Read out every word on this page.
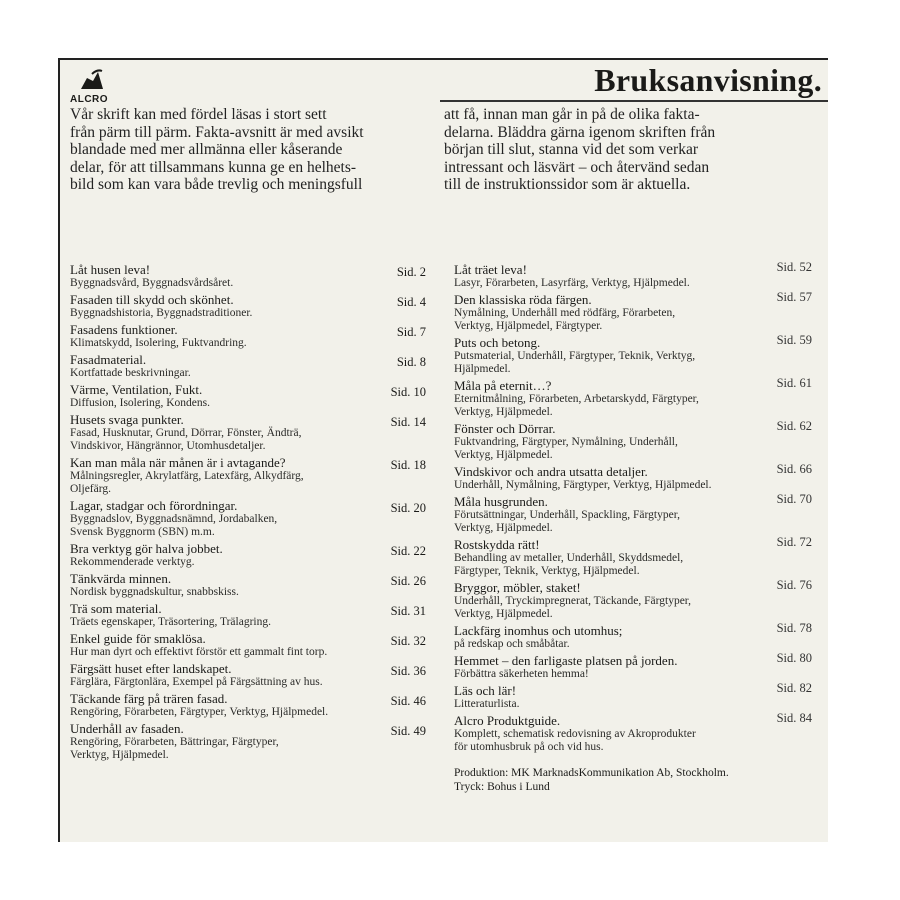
ALCRO
Bruksanvisning.
Vår skrift kan med fördel läsas i stort sett
från pärm till pärm. Fakta-avsnitt är med avsikt
blandade med mer allmänna eller kåserande
delar, för att tillsammans kunna ge en helhets-
bild som kan vara både trevlig och meningsfull
att få, innan man går in på de olika fakta-
delarna. Bläddra gärna igenom skriften från
början till slut, stanna vid det som verkar
intressant och läsvärt – och återvänd sedan
till de instruktionssidor som är aktuella.
Låt husen leva!
Byggnadsvård, Byggnadsvårdsåret.
Sid. 2
Fasaden till skydd och skönhet.
Byggnadshistoria, Byggnadstraditioner.
Sid. 4
Fasadens funktioner.
Klimatskydd, Isolering, Fuktvandring.
Sid. 7
Fasadmaterial.
Kortfattade beskrivningar.
Sid. 8
Värme, Ventilation, Fukt.
Diffusion, Isolering, Kondens.
Sid. 10
Husets svaga punkter.
Fasad, Husknutar, Grund, Dörrar, Fönster, Ändträ,
Vindskivor, Hängrännor, Utomhusdetaljer.
Sid. 14
Kan man måla när månen är i avtagande?
Målningsregler, Akrylatfärg, Latexfärg, Alkydfärg,
Oljefärg.
Sid. 18
Lagar, stadgar och förordningar.
Byggnadslov, Byggnadsnämnd, Jordabalken,
Svensk Byggnorm (SBN) m.m.
Sid. 20
Bra verktyg gör halva jobbet.
Rekommenderade verktyg.
Sid. 22
Tänkvärda minnen.
Nordisk byggnadskultur, snabbskiss.
Sid. 26
Trä som material.
Träets egenskaper, Träsortering, Trälagring.
Sid. 31
Enkel guide för smaklösa.
Hur man dyrt och effektivt förstör ett gammalt fint torp.
Sid. 32
Färgsätt huset efter landskapet.
Färglära, Färgtonlära, Exempel på Färgsättning av hus.
Sid. 36
Täckande färg på trären fasad.
Rengöring, Förarbeten, Färgtyper, Verktyg, Hjälpmedel.
Sid. 46
Underhåll av fasaden.
Rengöring, Förarbeten, Bättringar, Färgtyper,
Verktyg, Hjälpmedel.
Sid. 49
Låt träet leva!
Lasyr, Förarbeten, Lasyrfärg, Verktyg, Hjälpmedel.
Sid. 52
Den klassiska röda färgen.
Nymålning, Underhåll med rödfärg, Förarbeten,
Verktyg, Hjälpmedel, Färgtyper.
Sid. 57
Puts och betong.
Putsmaterial, Underhåll, Färgtyper, Teknik, Verktyg,
Hjälpmedel.
Sid. 59
Måla på eternit…?
Eternitmålning, Förarbeten, Arbetarskydd, Färgtyper,
Verktyg, Hjälpmedel.
Sid. 61
Fönster och Dörrar.
Fuktvandring, Färgtyper, Nymålning, Underhåll,
Verktyg, Hjälpmedel.
Sid. 62
Vindskivor och andra utsatta detaljer.
Underhåll, Nymålning, Färgtyper, Verktyg, Hjälpmedel.
Sid. 66
Måla husgrunden.
Förutsättningar, Underhåll, Spackling, Färgtyper,
Verktyg, Hjälpmedel.
Sid. 70
Rostskydda rätt!
Behandling av metaller, Underhåll, Skyddsmedel,
Färgtyper, Teknik, Verktyg, Hjälpmedel.
Sid. 72
Bryggor, möbler, staket!
Underhåll, Tryckimpregnerat, Täckande, Färgtyper,
Verktyg, Hjälpmedel.
Sid. 76
Lackfärg inomhus och utomhus;
på redskap och småbåtar.
Sid. 78
Hemmet – den farligaste platsen på jorden.
Förbättra säkerheten hemma!
Sid. 80
Läs och lär!
Litteraturlista.
Sid. 82
Alcro Produktguide.
Komplett, schematisk redovisning av Akroprodukter
för utomhusbruk på och vid hus.
Sid. 84
Produktion: MK MarknadsKommunikation Ab, Stockholm.
Tryck: Bohus i Lund
